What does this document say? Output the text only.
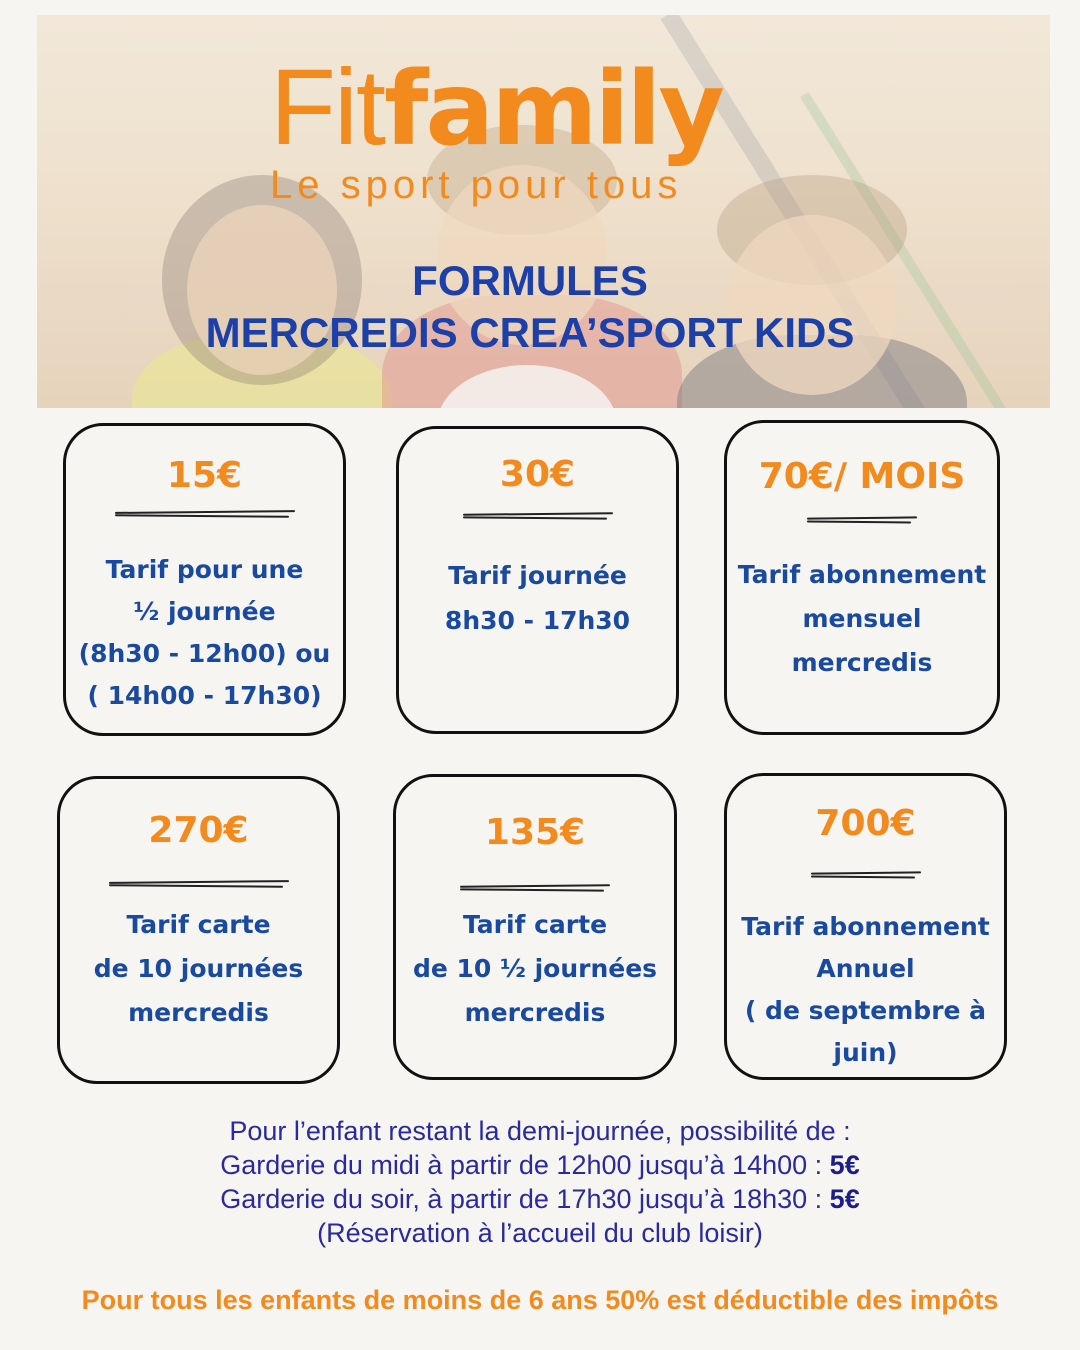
Fitfamily
Le sport pour tous
FORMULES
MERCREDIS CREA’SPORT KIDS
15€
Tarif pour une
½ journée
(8h30 - 12h00) ou
( 14h00 - 17h30)
30€
Tarif journée
8h30 - 17h30
70€/ MOIS
Tarif abonnement
mensuel
mercredis
270€
Tarif carte
de 10 journées
mercredis
135€
Tarif carte
de 10 ½ journées
mercredis
700€
Tarif abonnement
Annuel
( de septembre à
juin)
Pour l’enfant restant la demi-journée, possibilité de :
Garderie du midi à partir de 12h00 jusqu’à 14h00 : 5€
Garderie du soir, à partir de 17h30 jusqu’à 18h30 : 5€
(Réservation à l’accueil du club loisir)
Pour tous les enfants de moins de 6 ans 50% est déductible des impôts
